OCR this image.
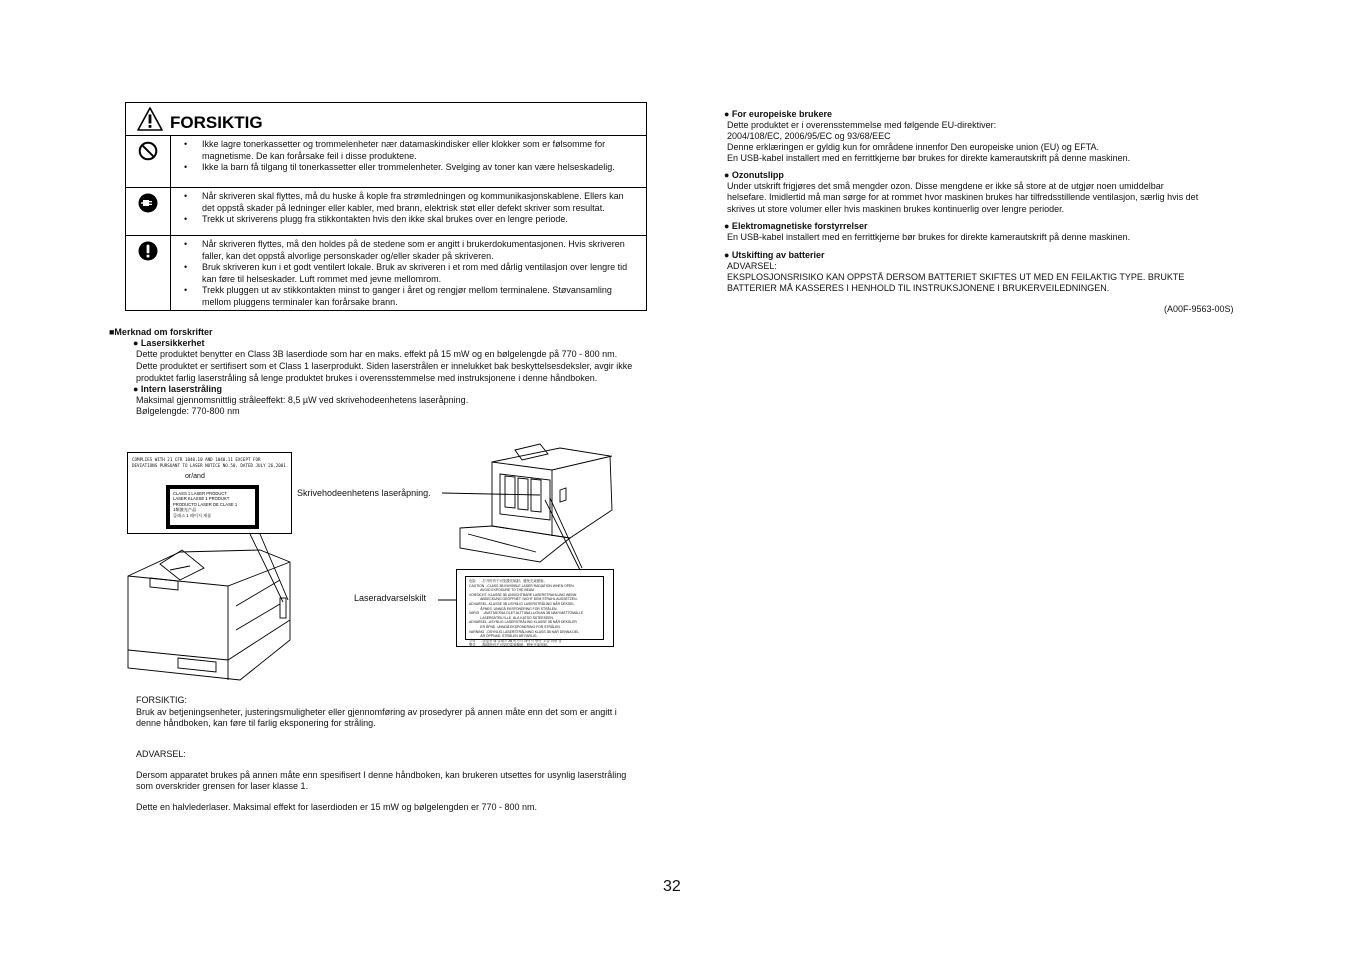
FORSIKTIG
• Ikke lagre tonerkassetter og trommelenheter nær datamaskindisker eller klokker som er følsomme for magnetisme. De kan forårsake feil i disse produktene.
• Ikke la barn få tilgang til tonerkassetter eller trommelenheter. Svelging av toner kan være helseskadelig.
• Når skriveren skal flyttes, må du huske å kople fra strømledningen og kommunikasjonskablene. Ellers kan det oppstå skader på ledninger eller kabler, med brann, elektrisk støt eller defekt skriver som resultat.
• Trekk ut skriverens plugg fra stikkontakten hvis den ikke skal brukes over en lengre periode.
• Når skriveren flyttes, må den holdes på de stedene som er angitt i brukerdokumentasjonen. Hvis skriveren faller, kan det oppstå alvorlige personskader og/eller skader på skriveren.
• Bruk skriveren kun i et godt ventilert lokale. Bruk av skriveren i et rom med dårlig ventilasjon over lengre tid kan føre til helseskader. Luft rommet med jevne mellomrom.
• Trekk pluggen ut av stikkontakten minst to ganger i året og rengjør mellom terminalene. Støvansamling mellom pluggens terminaler kan forårsake brann.
■Merknad om forskrifter
● Lasersikkerhet
Dette produktet benytter en Class 3B laserdiode som har en maks. effekt på 15 mW og en bølgelengde på 770 - 800 nm.
Dette produktet er sertifisert som et Class 1 laserprodukt. Siden laserstrålen er innelukket bak beskyttelsesdeksler, avgir ikke
produktet farlig laserstråling så lenge produktet brukes i overensstemmelse med instruksjonene i denne håndboken.
● Intern laserstråling
Maksimal gjennomsnittlig stråleeffekt: 8,5 µW ved skrivehodeenhetens laseråpning.
Bølgelengde: 770-800 nm
COMPLIES WITH 21 CFR 1040.10 AND 1040.11 EXCEPT FOR
DEVIATIONS PURSUANT TO LASER NOTICE NO.50, DATED JULY 26,2001.
or/and
CLASS 1 LASER PRODUCT
LASER KLASSE 1 PRODUKT
PRODUCTO LASER DE CLASE 1
1類激光产品
클래스 1 레이저 제품
Skrivehodeenhetens laseråpning.
Laseradvarselskilt
危险      -打开时有不可见激光辐射。避免光束照射。
CAUTION  -CLASS 3B INVISIBLE LASER RADIATION WHEN OPEN.
AVOID EXPOSURE TO THE BEAM.
VORSICHT -KLASSE 3B UNSICHTBARE LASERSTRAHLUNG WENN
ABDECKUNG GEÖFFNET. NICHT DEM STRAHL AUSSETZEN.
ADVARSEL -KLASSE 3B USYNLIG LASERSTRÅLING NÅR DEKSEL
ÅPNES. UNNGÅ EKSPONERING FOR STRÅLEN.
VARO!    -AVATTAESSA OLET ALTTIINA LUOKAN 3B NÄKYMÄTTÖMÄLLE
LASERSÄTEILYLLE. ÄLÄ KATSO SÄTEESEEN.
ADVARSEL -USYNLIG LASERSTRÅLING KLASSE 3B NÅR DEKSLER
ER ÅPNE. UNNGÅ EKSPONERING FOR STRÅLEN.
VARNING  -OSYNLIG LASERSTRÅLNING KLASS 3B NÄR DENNA DEL
ÄR ÖPPNAD. STRÅLEN ÄR FARLIG.
주의      -열었을 때 클래스 3B 비가시 레이저 방사. 노출 피할 것.
警告      -開啟時有不可見的雷射輻射。避免光束照射。
FORSIKTIG:
Bruk av betjeningsenheter, justeringsmuligheter eller gjennomføring av prosedyrer på annen måte enn det som er angitt i
denne håndboken, kan føre til farlig eksponering for stråling.
ADVARSEL:
Dersom apparatet brukes på annen måte enn spesifisert I denne håndboken, kan brukeren utsettes for usynlig laserstråling
som overskrider grensen for laser klasse 1.
Dette en halvlederlaser. Maksimal effekt for laserdioden er 15 mW og bølgelengden er 770 - 800 nm.
● For europeiske brukere
Dette produktet er i overensstemmelse med følgende EU-direktiver:
2004/108/EC, 2006/95/EC og 93/68/EEC
Denne erklæringen er gyldig kun for områdene innenfor Den europeiske union (EU) og EFTA.
En USB-kabel installert med en ferrittkjerne bør brukes for direkte kamerautskrift på denne maskinen.
● Ozonutslipp
Under utskrift frigjøres det små mengder ozon. Disse mengdene er ikke så store at de utgjør noen umiddelbar
helsefare. Imidlertid må man sørge for at rommet hvor maskinen brukes har tilfredsstillende ventilasjon, særlig hvis det
skrives ut store volumer eller hvis maskinen brukes kontinuerlig over lengre perioder.
● Elektromagnetiske forstyrrelser
En USB-kabel installert med en ferrittkjerne bør brukes for direkte kamerautskrift på denne maskinen.
● Utskifting av batterier
ADVARSEL:
EKSPLOSJONSRISIKO KAN OPPSTÅ DERSOM BATTERIET SKIFTES UT MED EN FEILAKTIG TYPE. BRUKTE
BATTERIER MÅ KASSERES I HENHOLD TIL INSTRUKSJONENE I BRUKERVEILEDNINGEN.
(A00F-9563-00S)
32
